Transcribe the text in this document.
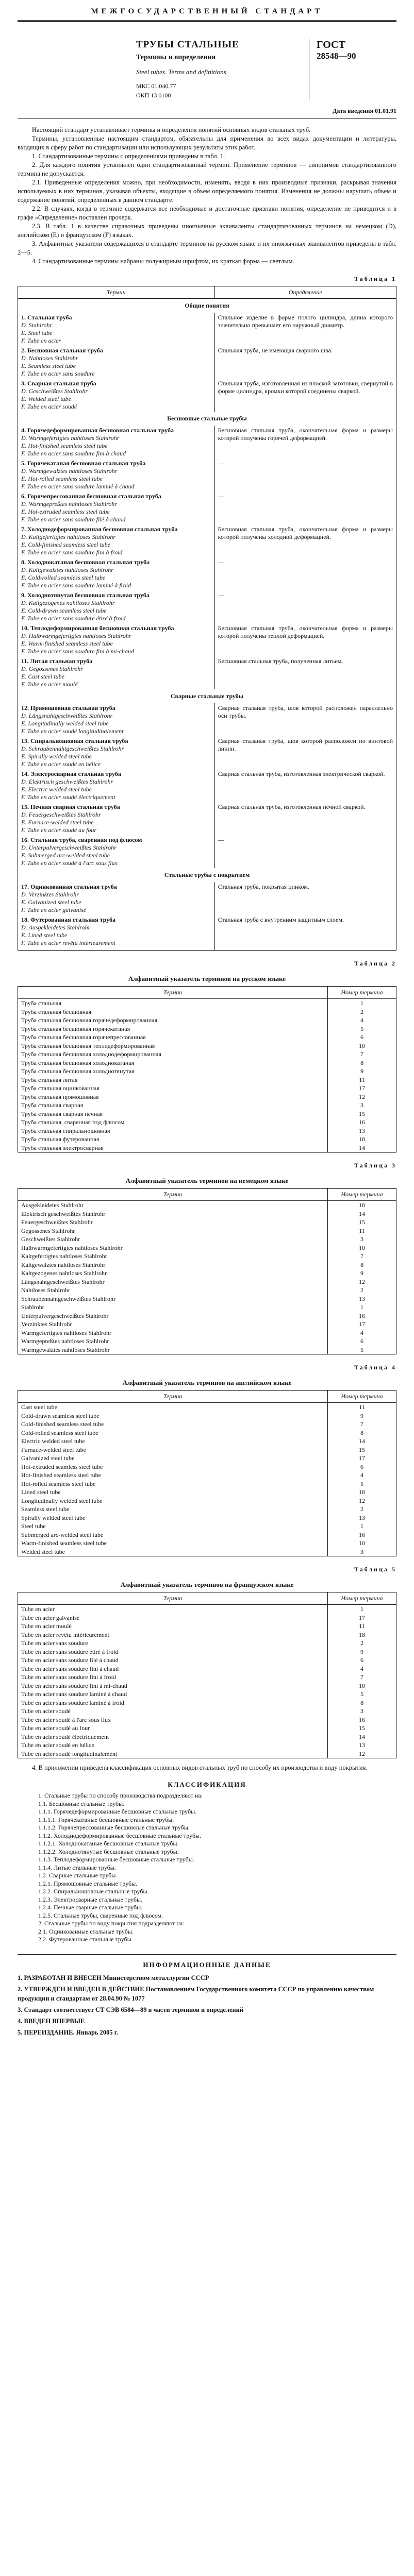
МЕЖГОСУДАРСТВЕННЫЙ СТАНДАРТ
ТРУБЫ СТАЛЬНЫЕ
Термины и определения
Steel tubes. Terms and definitions
МКС 01.040.77
ОКП 13 0100
ГОСТ
28548—90
Дата введения 01.01.91

Настоящий стандарт устанавливает термины и определения понятий основных видов стальных труб.

Термины, установленные настоящим стандартом, обязательны для применения во всех видах документации и литературы, входящих в сферу работ по стандартизации или использующих результаты этих работ.

1. Стандартизованные термины с определениями приведены в табл. 1.

2. Для каждого понятия установлен один стандартизованный термин. Применение терминов — синонимов стандартизованного термина не допускается.

2.1. Приведенные определения можно, при необходимости, изменять, вводя в них производные признаки, раскрывая значения используемых в них терминов, указывая объекты, входящие в объем определяемого понятия. Изменения не должны нарушать объем и содержание понятий, определенных в данном стандарте.

2.2. В случаях, когда в термине содержатся все необходимые и достаточные признаки понятия, определение не приводится и в графе «Определение» поставлен прочерк.

2.3. В табл. 1 в качестве справочных приведены иноязычные эквиваленты стандартизованных терминов на немецком (D), английском (E) и французском (F) языках.

3. Алфавитные указатели содержащихся в стандарте терминов на русском языке и их иноязычных эквивалентов приведены в табл. 2—5.

4. Стандартизованные термины набраны полужирным шрифтом, их краткая форма — светлым.

Таблица 1
Термин	Определение
Общие понятия	

1. Стальная труба
D. Stahlrohr
E. Steel tube
F. Tube en acier	Стальное изделие в форме полого цилиндра, длина которого значительно превышает его наружный диаметр.

2. Бесшовная стальная труба
D. Nahtloses Stahlrohr
E. Seamless steel tube
F. Tube en acier sans soudure	Стальная труба, не имеющая сварного шва.

3. Сварная стальная труба
D. Geschweißtes Stahlrohr
E. Welded steel tube
F. Tube en acier soudé	Стальная труба, изготовленная из плоской заготовки, свернутой в форме цилиндра, кромки которой соединены сваркой.
Бесшовные стальные трубы	

4. Горячедеформированная бесшовная стальная труба
D. Warmgefertigtes nahtloses Stahlrohr
E. Hot-finished seamless steel tube
F. Tube en acier sans soudure fini à chaud	Бесшовная стальная труба, окончательная форма и размеры которой получены горячей деформацией.

5. Горячекатаная бесшовная стальная труба
D. Warmgewalztes nahtloses Stahlrohr
E. Hot-rolled seamless steel tube
F. Tube en acier sans soudure laminé à chaud	—

6. Горячепрессованная бесшовная стальная труба
D. Warmgepreßtes nahtloses Stahlrohr
E. Hot-extruded seamless steel tube
F. Tube en acier sans soudure filé à chaud	—

7. Холоднодеформированная бесшовная стальная труба
D. Kaltgefertigtes nahtloses Stahlrohr
E. Cold-finished seamless steel tube
F. Tube en acier sans soudure fini à froid	Бесшовная стальная труба, окончательная форма и размеры которой получены холодной деформацией.

8. Холоднокатаная бесшовная стальная труба
D. Kaltgewalztes nahtloses Stahlrohr
E. Cold-rolled seamless steel tube
F. Tube en acier sans soudure laminé à froid	—

9. Холоднотянутая бесшовная стальная труба
D. Kaltgezogenes nahtloses Stahlrohr
E. Cold-drawn seamless steel tube
F. Tube en acier sans soudure étiré à froid	—

10. Теплодеформированная бесшовная стальная труба
D. Halbwarmgefertigtes nahtloses Stahlrohr
E. Warm-finished seamless steel tube
F. Tube en acier sans soudure fini à mi-chaud	Бесшовная стальная труба, окончательная форма и размеры которой получены теплой деформацией.

11. Литая стальная труба
D. Gegossenes Stahlrohr
E. Cast steel tube
F. Tube en acier moulé	Бесшовная стальная труба, полученная литьем.
Сварные стальные трубы	

12. Прямошовная стальная труба
D. Längsnahtgeschweißtes Stahlrohr
E. Longitudinally welded steel tube
F. Tube en acier soudé longitudinalement	Сварная стальная труба, шов которой расположен параллельно оси трубы.

13. Спиральношовная стальная труба
D. Schraubennahtgeschweißtes Stahlrohr
E. Spirally welded steel tube
F. Tube en acier soudé en hélice	Сварная стальная труба, шов которой расположен по винтовой линии.

14. Электросварная стальная труба
D. Elektrisch geschweißtes Stahlrohr
E. Electric welded steel tube
F. Tube en acier soudé électriquement	Сварная стальная труба, изготовленная электрической сваркой.

15. Печная сварная стальная труба
D. Feuergeschweißtes Stahlrohr
E. Furnace-welded steel tube
F. Tube en acier soudé au four	Сварная стальная труба, изготовленная печной сваркой.

16. Стальная труба, сваренная под флюсом
D. Unterpulvergeschweißtes Stahlrohr
E. Submerged arc-welded steel tube
F. Tube en acier soudé à l'arc sous flux	—
Стальные трубы с покрытием	

17. Оцинкованная стальная труба
D. Verzinktes Stahlrohr
E. Galvanized steel tube
F. Tube en acier galvanisé	Стальная труба, покрытая цинком.

18. Футерованная стальная труба
D. Ausgekleidetes Stahlrohr
E. Lined steel tube
F. Tube en acier revêtu intérieurement	Стальная труба с внутренним защитным слоем.

Таблица 2
Алфавитный указатель терминов на русском языке
Термин	Номер термина
Труба стальная	1
Труба стальная бесшовная	2
Труба стальная бесшовная горячедеформированная	4
Труба стальная бесшовная горячекатаная	5
Труба стальная бесшовная горячепрессованная	6
Труба стальная бесшовная теплодеформированная	10
Труба стальная бесшовная холоднодеформированная	7
Труба стальная бесшовная холоднокатаная	8
Труба стальная бесшовная холоднотянутая	9
Труба стальная литая	11
Труба стальная оцинкованная	17
Труба стальная прямошовная	12
Труба стальная сварная	3
Труба стальная сварная печная	15
Труба стальная, сваренная под флюсом	16
Труба стальная спиральношовная	13
Труба стальная футерованная	18
Труба стальная электросварная	14
Таблица 3
Алфавитный указатель терминов на немецком языке
Термин	Номер термина
Ausgekleidetes Stahlrohr	18
Elektrisch geschweißtes Stahlrohr	14
Feuergeschweißtes Stahlrohr	15
Gegossenes Stahlrohr	11
Geschweißtes Stahlrohr	3
Halbwarmgefertigtes nahtloses Stahlrohr	10
Kaltgefertigtes nahtloses Stahlrohr	7
Kaltgewalztes nahtloses Stahlrohr	8
Kaltgezogenes nahtloses Stahlrohr	9
Längsnahtgeschweißtes Stahlrohr	12
Nahtloses Stahlrohr	2
Schraubennahtgeschweißtes Stahlrohr	13
Stahlrohr	1
Unterpulvergeschweißtes Stahlrohr	16
Verzinktes Stahlrohr	17
Warmgefertigtes nahtloses Stahlrohr	4
Warmgepreßtes nahtloses Stahlrohr	6
Warmgewalztes nahtloses Stahlrohr	5
Таблица 4
Алфавитный указатель терминов на английском языке
Термин	Номер термина
Cast steel tube	11
Cold-drawn seamless steel tube	9
Cold-finished seamless steel tube	7
Cold-rolled seamless steel tube	8
Electric welded steel tube	14
Furnace-welded steel tube	15
Galvanized steel tube	17
Hot-extruded seamless steel tube	6
Hot-finished seamless steel tube	4
Hot-rolled seamless steel tube	5
Lined steel tube	18
Longitudinally welded steel tube	12
Seamless steel tube	2
Spirally welded steel tube	13
Steel tube	1
Submerged arc-welded steel tube	16
Warm-finished seamless steel tube	10
Welded steel tube	3
Таблица 5
Алфавитный указатель терминов на французском языке
Термин	Номер термина
Tube en acier	1
Tube en acier galvanisé	17
Tube en acier moulé	11
Tube en acier revêtu intérieurement	18
Tube en acier sans soudure	2
Tube en acier sans soudure étiré à froid	9
Tube en acier sans soudure filé à chaud	6
Tube en acier sans soudure fini à chaud	4
Tube en acier sans soudure fini à froid	7
Tube en acier sans soudure fini à mi-chaud	10
Tube en acier sans soudure laminé à chaud	5
Tube en acier sans soudure laminé à froid	8
Tube en acier soudé	3
Tube en acier soudé à l'arc sous flux	16
Tube en acier soudé au four	15
Tube en acier soudé électriquement	14
Tube en acier soudé en hélice	13
Tube en acier soudé longitudinalement	12
4. В приложении приведена классификация основных видов стальных труб по способу их производства и виду покрытия.
КЛАССИФИКАЦИЯ
1. Стальные трубы по способу производства подразделяют на:
1.1. Бесшовные стальные трубы.
1.1.1. Горячедеформированные бесшовные стальные трубы.
1.1.1.1. Горячекатаные бесшовные стальные трубы.
1.1.1.2. Горячепрессованные бесшовные стальные трубы.
1.1.2. Холоднодеформированные бесшовные стальные трубы.
1.1.2.1. Холоднокатаные бесшовные стальные трубы.
1.1.2.2. Холоднотянутые бесшовные стальные трубы.
1.1.3. Теплодеформированные бесшовные стальные трубы.
1.1.4. Литые стальные трубы.
1.2. Сварные стальные трубы.
1.2.1. Прямошовные стальные трубы.
1.2.2. Спиральношовные стальные трубы.
1.2.3. Электросварные стальные трубы.
1.2.4. Печные сварные стальные трубы.
1.2.5. Стальные трубы, сваренные под флюсом.
2. Стальные трубы по виду покрытия подразделяют на:
2.1. Оцинкованные стальные трубы.
2.2. Футерованные стальные трубы.
ИНФОРМАЦИОННЫЕ ДАННЫЕ
1. РАЗРАБОТАН И ВНЕСЕН Министерством металлургии СССР
2. УТВЕРЖДЕН И ВВЕДЕН В ДЕЙСТВИЕ Постановлением Государственного комитета СССР по управлению качеством продукции и стандартам от 28.04.90 № 1077
3. Стандарт соответствует СТ СЭВ 6584—89 в части терминов и определений
4. ВВЕДЕН ВПЕРВЫЕ
5. ПЕРЕИЗДАНИЕ. Январь 2005 г.
